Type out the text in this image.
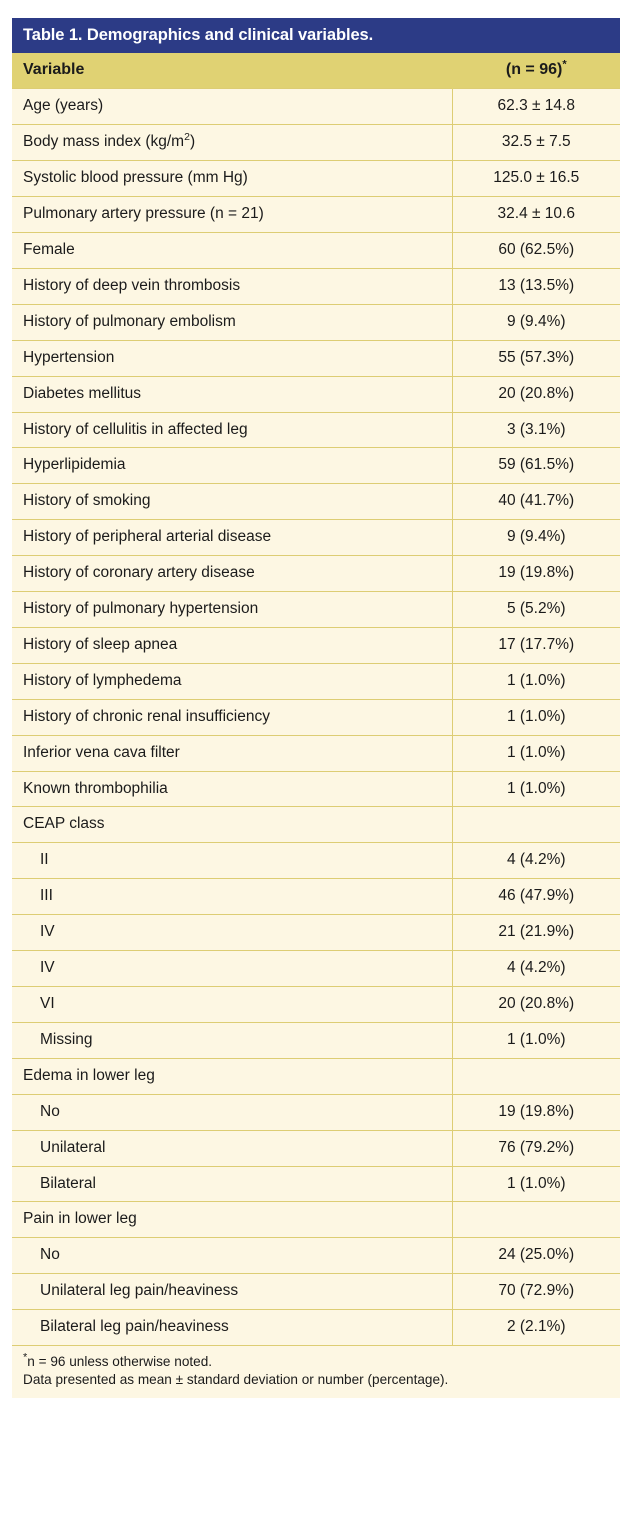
Table 1. Demographics and clinical variables.	
Variable	(n = 96)*
Age (years)	62.3 ± 14.8
Body mass index $(kg/m^2)$	32.5 ± 7.5
Systolic blood pressure (mm Hg)	125.0 ± 16.5
Pulmonary artery pressure (n = 21)	32.4 ± 10.6
Female	60 (62.5%)
History of deep vein thrombosis	13 (13.5%)
History of pulmonary embolism	9 (9.4%)
Hypertension	55 (57.3%)
Diabetes mellitus	20 (20.8%)
History of cellulitis in affected leg	3 (3.1%)
Hyperlipidemia	59 (61.5%)
History of smoking	40 (41.7%)
History of peripheral arterial disease	9 (9.4%)
History of coronary artery disease	19 (19.8%)
History of pulmonary hypertension	5 (5.2%)
History of sleep apnea	17 (17.7%)
History of lymphedema	1 (1.0%)
History of chronic renal insufficiency	1 (1.0%)
Inferior vena cava filter	1 (1.0%)
Known thrombophilia	1 (1.0%)
CEAP class	
II	4 (4.2%)
III	46 (47.9%)
IV	21 (21.9%)
IV	4 (4.2%)
VI	20 (20.8%)
Missing	1 (1.0%)
Edema in lower leg	
No	19 (19.8%)
Unilateral	76 (79.2%)
Bilateral	1 (1.0%)
Pain in lower leg	
No	24 (25.0%)
Unilateral leg pain/heaviness	70 (72.9%)
Bilateral leg pain/heaviness	2 (2.1%)

*n = 96 unless otherwise noted.
Data presented as mean ± standard deviation or number (percentage).	
